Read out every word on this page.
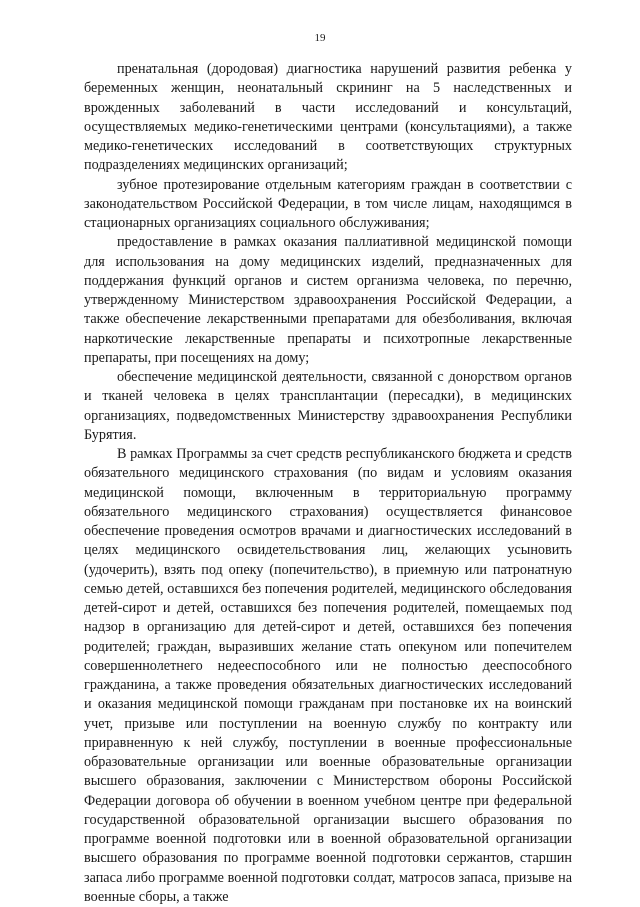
19

пренатальная (дородовая) диагностика нарушений развития ребенка у беременных женщин, неонатальный скрининг на 5 наследственных и врожденных заболеваний в части исследований и консультаций, осуществляемых медико-генетическими центрами (консультациями), а также медико-генетических исследований в соответствующих структурных подразделениях медицинских организаций;

зубное протезирование отдельным категориям граждан в соответствии с законодательством Российской Федерации, в том числе лицам, находящимся в стационарных организациях социального обслуживания;

предоставление в рамках оказания паллиативной медицинской помощи для использования на дому медицинских изделий, предназначенных для поддержания функций органов и систем организма человека, по перечню, утвержденному Министерством здравоохранения Российской Федерации, а также обеспечение лекарственными препаратами для обезболивания, включая наркотические лекарственные препараты и психотропные лекарственные препараты, при посещениях на дому;

обеспечение медицинской деятельности, связанной с донорством органов и тканей человека в целях трансплантации (пересадки), в медицинских организациях, подведомственных Министерству здравоохранения Республики Бурятия.

В рамках Программы за счет средств республиканского бюджета и средств обязательного медицинского страхования (по видам и условиям оказания медицинской помощи, включенным в территориальную программу обязательного медицинского страхования) осуществляется финансовое обеспечение проведения осмотров врачами и диагностических исследований в целях медицинского освидетельствования лиц, желающих усыновить (удочерить), взять под опеку (попечительство), в приемную или патронатную семью детей, оставшихся без попечения родителей, медицинского обследования детей-сирот и детей, оставшихся без попечения родителей, помещаемых под надзор в организацию для детей-сирот и детей, оставшихся без попечения родителей; граждан, выразивших желание стать опекуном или попечителем совершеннолетнего недееспособного или не полностью дееспособного гражданина, а также проведения обязательных диагностических исследований и оказания медицинской помощи гражданам при постановке их на воинский учет, призыве или поступлении на военную службу по контракту или приравненную к ней службу, поступлении в военные профессиональные образовательные организации или военные образовательные организации высшего образования, заключении с Министерством обороны Российской Федерации договора об обучении в военном учебном центре при федеральной государственной образовательной организации высшего образования по программе военной подготовки или в военной образовательной организации высшего образования по программе военной подготовки сержантов, старшин запаса либо программе военной подготовки солдат, матросов запаса, призыве на военные сборы, а также
